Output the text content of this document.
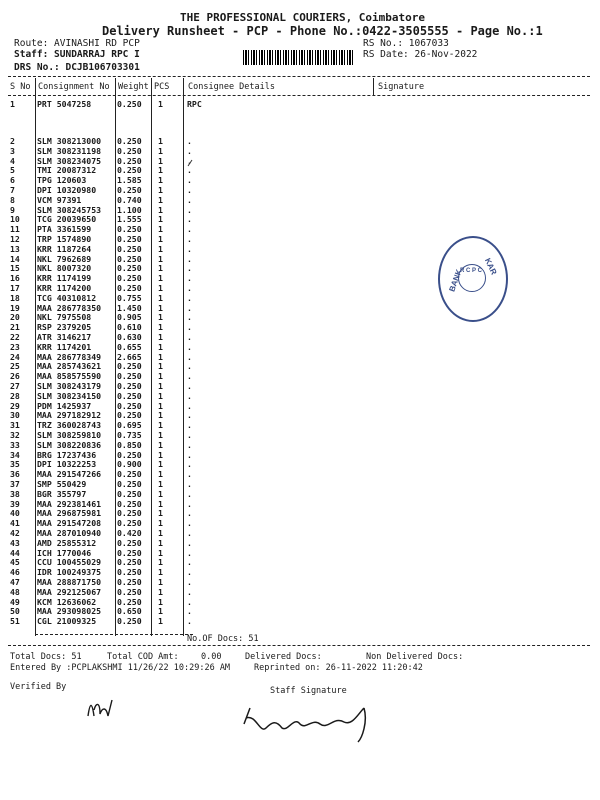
THE PROFESSIONAL COURIERS, Coimbatore
Delivery Runsheet - PCP - Phone No.:0422-3505555 - Page No.:1
Route: AVINASHI RD PCP
Staff: SUNDARRAJ RPC I
DRS No.: DCJB106703301
RS No.: 1067033
RS Date: 26-Nov-2022
S No Consignment No Weight PCS Consignee Details	Signature
1	PRT 5047258	0.250 1	RPC
2	SLM 308213000 0.250 1	.
3	SLM 308231198 0.250 1	.
4	SLM 308234075 0.250 1	.
5	TMI 20087312	0.250 1	.
6	TPG 120603	1.585 1	.
7	DPI 10320980	0.250 1	.
8	VCM 97391	0.740 1	.
9	SLM 308245753 1.100 1	.
10 TCG 20039650	1.555 1	.
11 PTA 3361599	0.250 1	.
12 TRP 1574890	0.250 1	.
13 KRR 1187264	0.250 1	.
14 NKL 7962689	0.250 1	.
15 NKL 8007320	0.250 1	.
16 KRR 1174199	0.250 1	.
17 KRR 1174200	0.250 1	.
18 TCG 40310812	0.755 1	.
19 MAA 286778350 1.450 1	.
20 NKL 7975508	0.905 1	.
21 RSP 2379205	0.610 1	.
22 ATR 3146217	0.630 1	.
23 KRR 1174201	0.655 1	.
24 MAA 286778349 2.665 1	.
25 MAA 285743621 0.250 1	.
26 MAA 858575590 0.250 1	.
27 SLM 308243179 0.250 1	.
28 SLM 308234150 0.250 1	.
29 PDM 1425937	0.250 1	.
30 MAA 297182912 0.250 1	.
31 TRZ 360028743 0.695 1	.
32 SLM 308259810 0.735 1	.
33 SLM 308220836 0.850 1	.
34 BRG 17237436	0.250 1	.
35 DPI 10322253	0.900 1	.
36 MAA 291547266 0.250 1	.
37 SMP 550429	0.250 1	.
38 BGR 355797	0.250 1	.
39 MAA 292381461 0.250 1	.
40 MAA 296875981 0.250 1	.
41 MAA 291547208 0.250 1	.
42 MAA 287010940 0.420 1	.
43 AMD 25855312	0.250 1	.
44 ICH 1770046	0.250 1	.
45 CCU 100455029 0.250 1	.
46 IDR 100249375 0.250 1	.
47 MAA 288871750 0.250 1	.
48 MAA 292125067 0.250 1	.
49 KCM 12636062	0.250 1	.
50 MAA 293098025 0.650 1	.
51 CGL 21009325	0.250 1	.
No.OF Docs: 51
Total Docs: 51	Total COD Amt:	0.00	Delivered Docs:	Non Delivered Docs:
Entered By :PCPLAKSHMI 11/26/22 10:29:26 AM	Reprinted on: 26-11-2022 11:20:42
Verified By	Staff Signature
BANK
KAR
R C P C
